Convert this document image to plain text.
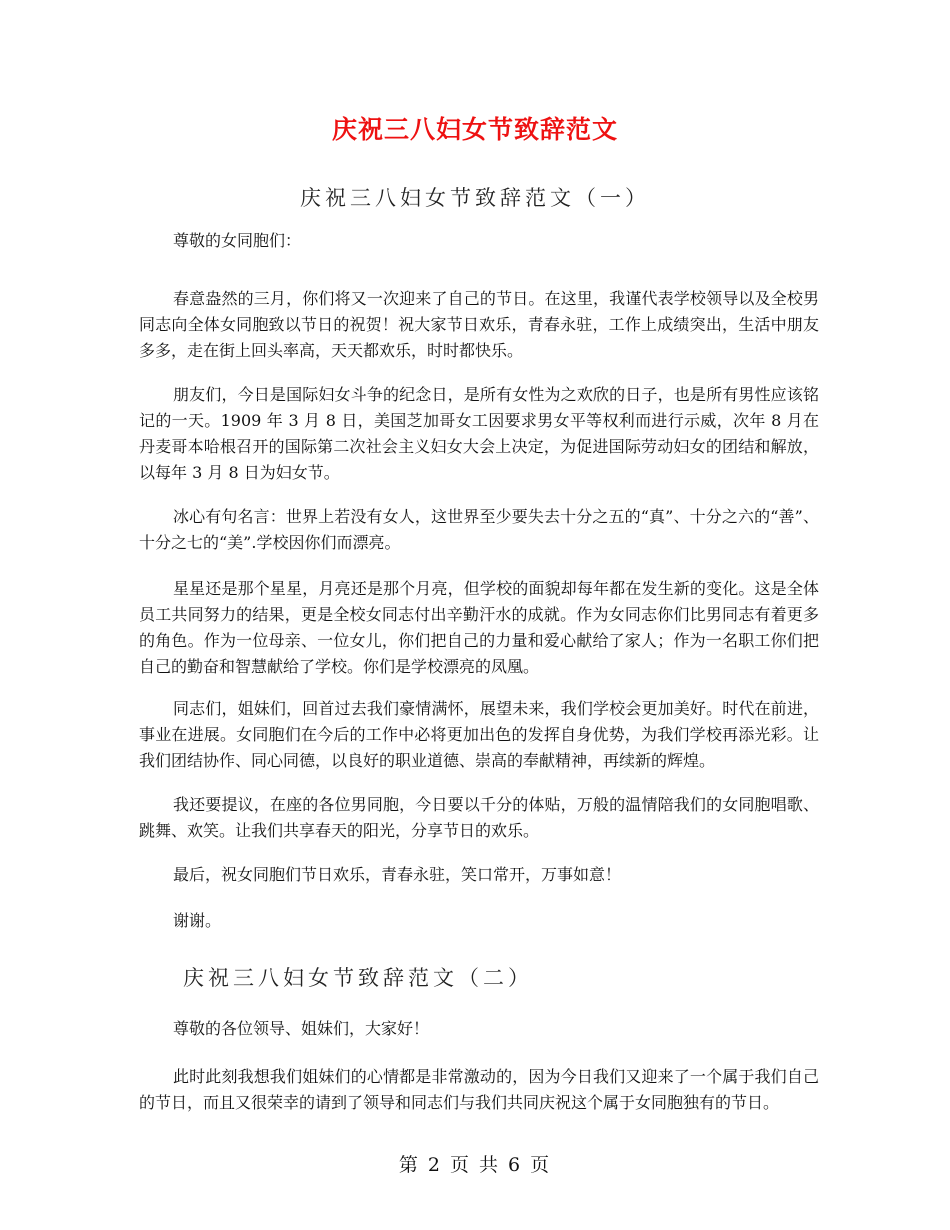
庆祝三八妇女节致辞范文
庆祝三八妇女节致辞范文（一）

尊敬的女同胞们：

春意盎然的三月，你们将又一次迎来了自己的节日。在这里，我谨代表学校领导以及全校男同志向全体女同胞致以节日的祝贺！祝大家节日欢乐，青春永驻，工作上成绩突出，生活中朋友多多，走在街上回头率高，天天都欢乐，时时都快乐。

朋友们，今日是国际妇女斗争的纪念日，是所有女性为之欢欣的日子，也是所有男性应该铭记的一天。1909 年 3 月 8 日，美国芝加哥女工因要求男女平等权利而进行示威，次年 8 月在丹麦哥本哈根召开的国际第二次社会主义妇女大会上决定，为促进国际劳动妇女的团结和解放，以每年 3 月 8 日为妇女节。

冰心有句名言：世界上若没有女人，这世界至少要失去十分之五的“真”、十分之六的“善”、十分之七的“美”.学校因你们而漂亮。

星星还是那个星星，月亮还是那个月亮，但学校的面貌却每年都在发生新的变化。这是全体员工共同努力的结果，更是全校女同志付出辛勤汗水的成就。作为女同志你们比男同志有着更多的角色。作为一位母亲、一位女儿，你们把自己的力量和爱心献给了家人；作为一名职工你们把自己的勤奋和智慧献给了学校。你们是学校漂亮的凤凰。

同志们，姐妹们，回首过去我们豪情满怀，展望未来，我们学校会更加美好。时代在前进，事业在进展。女同胞们在今后的工作中必将更加出色的发挥自身优势，为我们学校再添光彩。让我们团结协作、同心同德，以良好的职业道德、崇高的奉献精神，再续新的辉煌。

我还要提议，在座的各位男同胞，今日要以千分的体贴，万般的温情陪我们的女同胞唱歌、跳舞、欢笑。让我们共享春天的阳光，分享节日的欢乐。

最后，祝女同胞们节日欢乐，青春永驻，笑口常开，万事如意！

谢谢。

庆祝三八妇女节致辞范文（二）

尊敬的各位领导、姐妹们，大家好！

此时此刻我想我们姐妹们的心情都是非常激动的，因为今日我们又迎来了一个属于我们自己的节日，而且又很荣幸的请到了领导和同志们与我们共同庆祝这个属于女同胞独有的节日。

第 2 页 共 6 页
